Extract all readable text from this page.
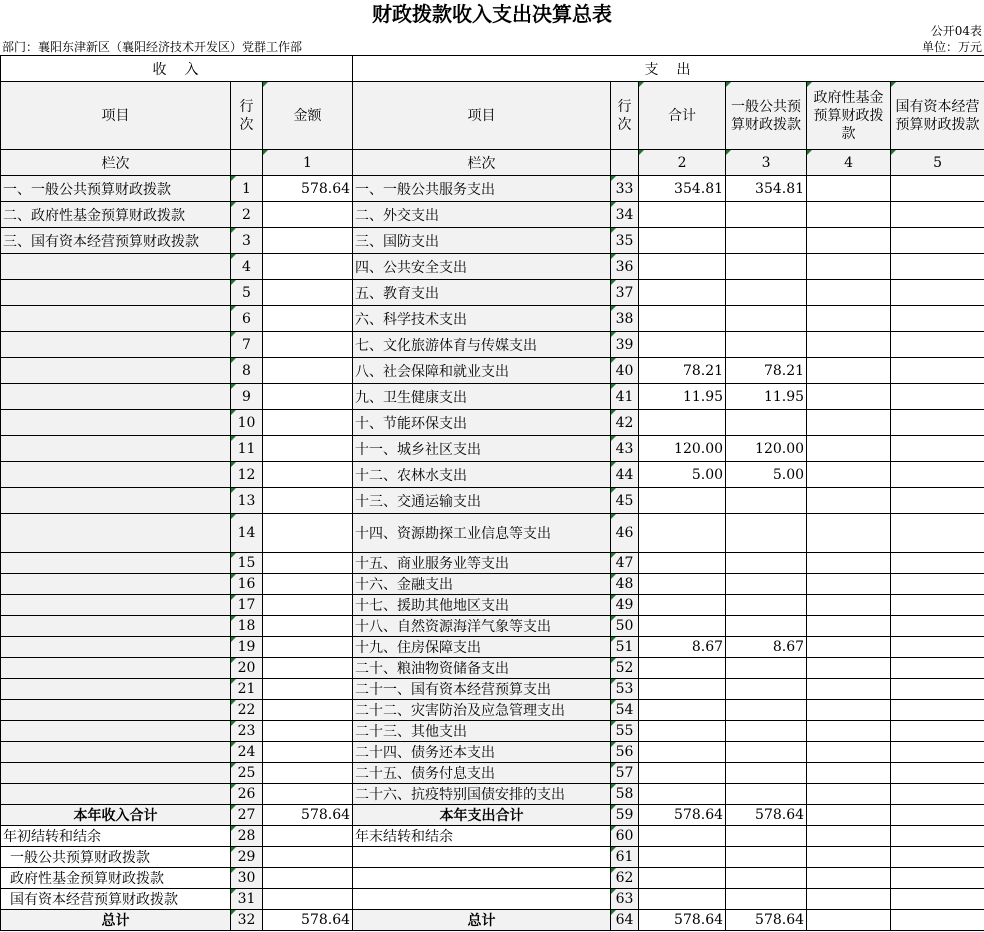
财政拨款收入支出决算总表
公开04表
部门：襄阳东津新区（襄阳经济技术开发区）党群工作部	单位：万元
收　入			支　出					
项目	行次	金额	项目	行次	合计	一般公共预算财政拨款	政府性基金预算财政拨款	国有资本经营预算财政拨款
栏次		1	栏次		2	3	4	5
一、一般公共预算财政拨款	1	578.64	一、一般公共服务支出	33	354.81	354.81		
二、政府性基金预算财政拨款	2		二、外交支出	34				
三、国有资本经营预算财政拨款	3		三、国防支出	35				
	4		四、公共安全支出	36				
	5		五、教育支出	37				
	6		六、科学技术支出	38				
	7		七、文化旅游体育与传媒支出	39				
	8		八、社会保障和就业支出	40	78.21	78.21		
	9		九、卫生健康支出	41	11.95	11.95		
	10		十、节能环保支出	42				
	11		十一、城乡社区支出	43	120.00	120.00		
	12		十二、农林水支出	44	5.00	5.00		
	13		十三、交通运输支出	45				
	14		十四、资源勘探工业信息等支出	46				
	15		十五、商业服务业等支出	47				
	16		十六、金融支出	48				
	17		十七、援助其他地区支出	49				
	18		十八、自然资源海洋气象等支出	50				
	19		十九、住房保障支出	51	8.67	8.67		
	20		二十、粮油物资储备支出	52				
	21		二十一、国有资本经营预算支出	53				
	22		二十二、灾害防治及应急管理支出	54				
	23		二十三、其他支出	55				
	24		二十四、债务还本支出	56				
	25		二十五、债务付息支出	57				
	26		二十六、抗疫特别国债安排的支出	58				
本年收入合计	27	578.64	本年支出合计	59	578.64	578.64		
年初结转和结余	28		年末结转和结余	60				
一般公共预算财政拨款	29			61				
政府性基金预算财政拨款	30			62				
国有资本经营预算财政拨款	31			63				
总计	32	578.64	总计	64	578.64	578.64		
